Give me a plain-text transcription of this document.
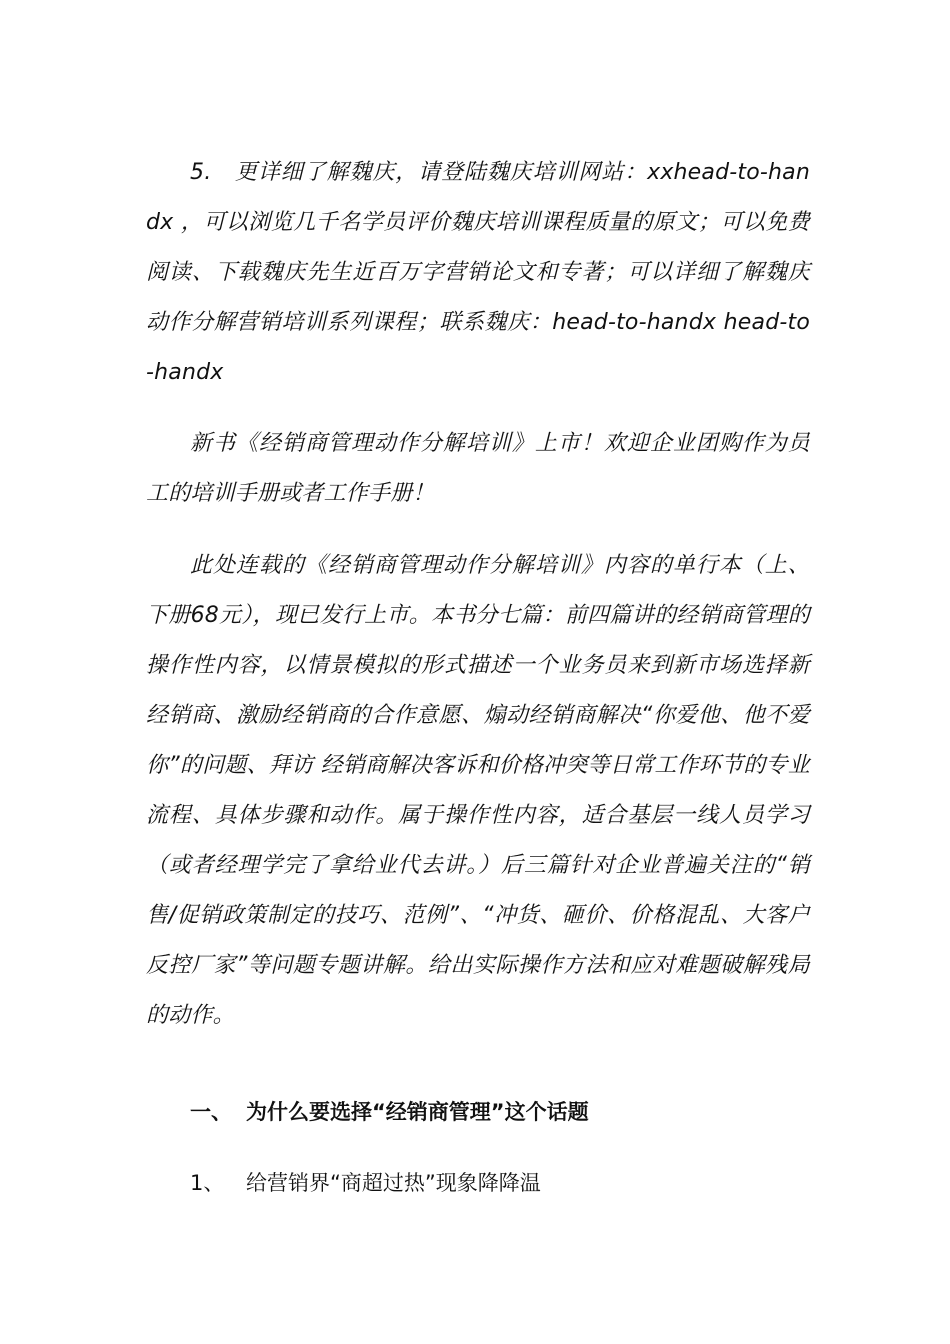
5.　更详细了解魏庆，请登陆魏庆培训网站：xxhead-to-handx ，可以浏览几千名学员评价魏庆培训课程质量的原文；可以免费阅读、下载魏庆先生近百万字营销论文和专著；可以详细了解魏庆动作分解营销培训系列课程；联系魏庆：head-to-handx head-to-handx

新书《经销商管理动作分解培训》上市！欢迎企业团购作为员工的培训手册或者工作手册！

此处连载的《经销商管理动作分解培训》内容的单行本（上、下册68元），现已发行上市。本书分七篇：前四篇讲的经销商管理的操作性内容，以情景模拟的形式描述一个业务员来到新市场选择新经销商、激励经销商的合作意愿、煽动经销商解决“你爱他、他不爱你”的问题、拜访 经销商解决客诉和价格冲突等日常工作环节的专业流程、具体步骤和动作。属于操作性内容，适合基层一线人员学习（或者经理学完了拿给业代去讲。）后三篇针对企业普遍关注的“销售/促销政策制定的技巧、范例”、“冲货、砸价、价格混乱、大客户反控厂家”等问题专题讲解。给出实际操作方法和应对难题破解残局的动作。

一、 为什么要选择“经销商管理”这个话题
1、 给营销界“商超过热”现象降降温
